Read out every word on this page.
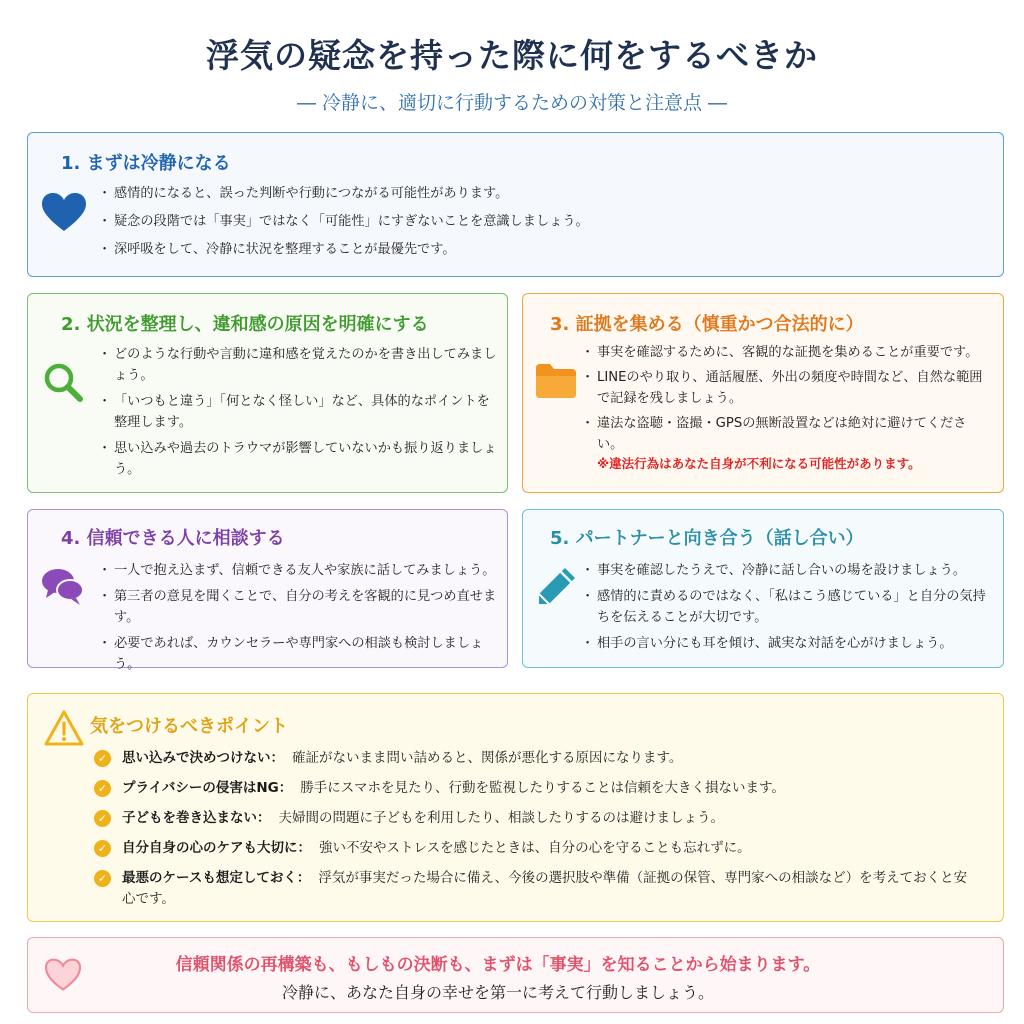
浮気の疑念を持った際に何をするべきか
― 冷静に、適切に行動するための対策と注意点 ―
1. まずは冷静になる
・ 感情的になると、誤った判断や行動につながる可能性があります。
・ 疑念の段階では「事実」ではなく「可能性」にすぎないことを意識しましょう。
・ 深呼吸をして、冷静に状況を整理することが最優先です。
2. 状況を整理し、違和感の原因を明確にする
・ どのような行動や言動に違和感を覚えたのかを書き出してみましょう。
・ 「いつもと違う」「何となく怪しい」など、具体的なポイントを整理します。
・ 思い込みや過去のトラウマが影響していないかも振り返りましょう。
3. 証拠を集める（慎重かつ合法的に）
・ 事実を確認するために、客観的な証拠を集めることが重要です。
・ LINEのやり取り、通話履歴、外出の頻度や時間など、自然な範囲で記録を残しましょう。
・ 違法な盗聴・盗撮・GPSの無断設置などは絶対に避けてください。
※違法行為はあなた自身が不利になる可能性があります。
4. 信頼できる人に相談する
・ 一人で抱え込まず、信頼できる友人や家族に話してみましょう。
・ 第三者の意見を聞くことで、自分の考えを客観的に見つめ直せます。
・ 必要であれば、カウンセラーや専門家への相談も検討しましょう。
5. パートナーと向き合う（話し合い）
・ 事実を確認したうえで、冷静に話し合いの場を設けましょう。
・ 感情的に責めるのではなく、「私はこう感じている」と自分の気持ちを伝えることが大切です。
・ 相手の言い分にも耳を傾け、誠実な対話を心がけましょう。
気をつけるべきポイント
✓ 思い込みで決めつけない： 確証がないまま問い詰めると、関係が悪化する原因になります。
✓ プライバシーの侵害はNG： 勝手にスマホを見たり、行動を監視したりすることは信頼を大きく損ないます。
✓ 子どもを巻き込まない： 夫婦間の問題に子どもを利用したり、相談したりするのは避けましょう。
✓ 自分自身の心のケアも大切に： 強い不安やストレスを感じたときは、自分の心を守ることも忘れずに。
✓ 最悪のケースも想定しておく： 浮気が事実だった場合に備え、今後の選択肢や準備（証拠の保管、専門家への相談など）を考えておくと安心です。
信頼関係の再構築も、もしもの決断も、まずは「事実」を知ることから始まります。
冷静に、あなた自身の幸せを第一に考えて行動しましょう。
